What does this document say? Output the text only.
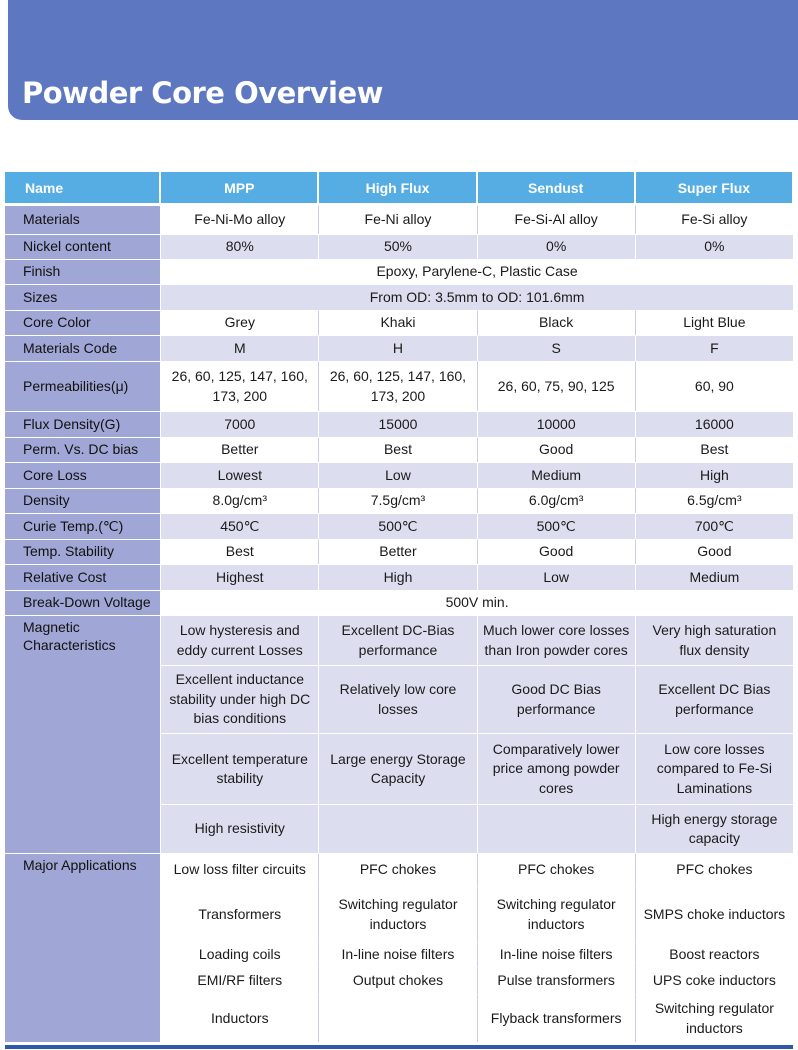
Powder Core Overview
Name	MPP	High Flux	Sendust	Super Flux
Materials	Fe-Ni-Mo alloy	Fe-Ni alloy	Fe-Si-Al alloy	Fe-Si alloy
Nickel content	80%	50%	0%	0%
Finish	Epoxy, Parylene-C, Plastic Case			
Sizes	From OD: 3.5mm to OD: 101.6mm			
Core Color	Grey	Khaki	Black	Light Blue
Materials Code	M	H	S	F
Permeabilities(μ)	26, 60, 125, 147, 160, 173, 200	26, 60, 125, 147, 160, 173, 200	26, 60, 75, 90, 125	60, 90
Flux Density(G)	7000	15000	10000	16000
Perm. Vs. DC bias	Better	Best	Good	Best
Core Loss	Lowest	Low	Medium	High
Density	8.0g/cm³	7.5g/cm³	6.0g/cm³	6.5g/cm³
Curie Temp.(℃)	450℃	500℃	500℃	700℃
Temp. Stability	Best	Better	Good	Good
Relative Cost	Highest	High	Low	Medium
Break-Down Voltage	500V min.			
Magnetic Characteristics	Low hysteresis and eddy current Losses	Excellent DC-Bias performance	Much lower core losses than Iron powder cores	Very high saturation flux density
	Excellent inductance stability under high DC bias conditions	Relatively low core losses	Good DC Bias performance	Excellent DC Bias performance
	Excellent temperature stability	Large energy Storage Capacity	Comparatively lower price among powder cores	Low core losses compared to Fe-Si Laminations
	High resistivity			High energy storage capacity
Major Applications	Low loss filter circuits	PFC chokes	PFC chokes	PFC chokes
	Transformers	Switching regulator inductors	Switching regulator inductors	SMPS choke inductors
	Loading coils	In-line noise filters	In-line noise filters	Boost reactors
	EMI/RF filters	Output chokes	Pulse transformers	UPS coke inductors
	Inductors		Flyback transformers	Switching regulator inductors
